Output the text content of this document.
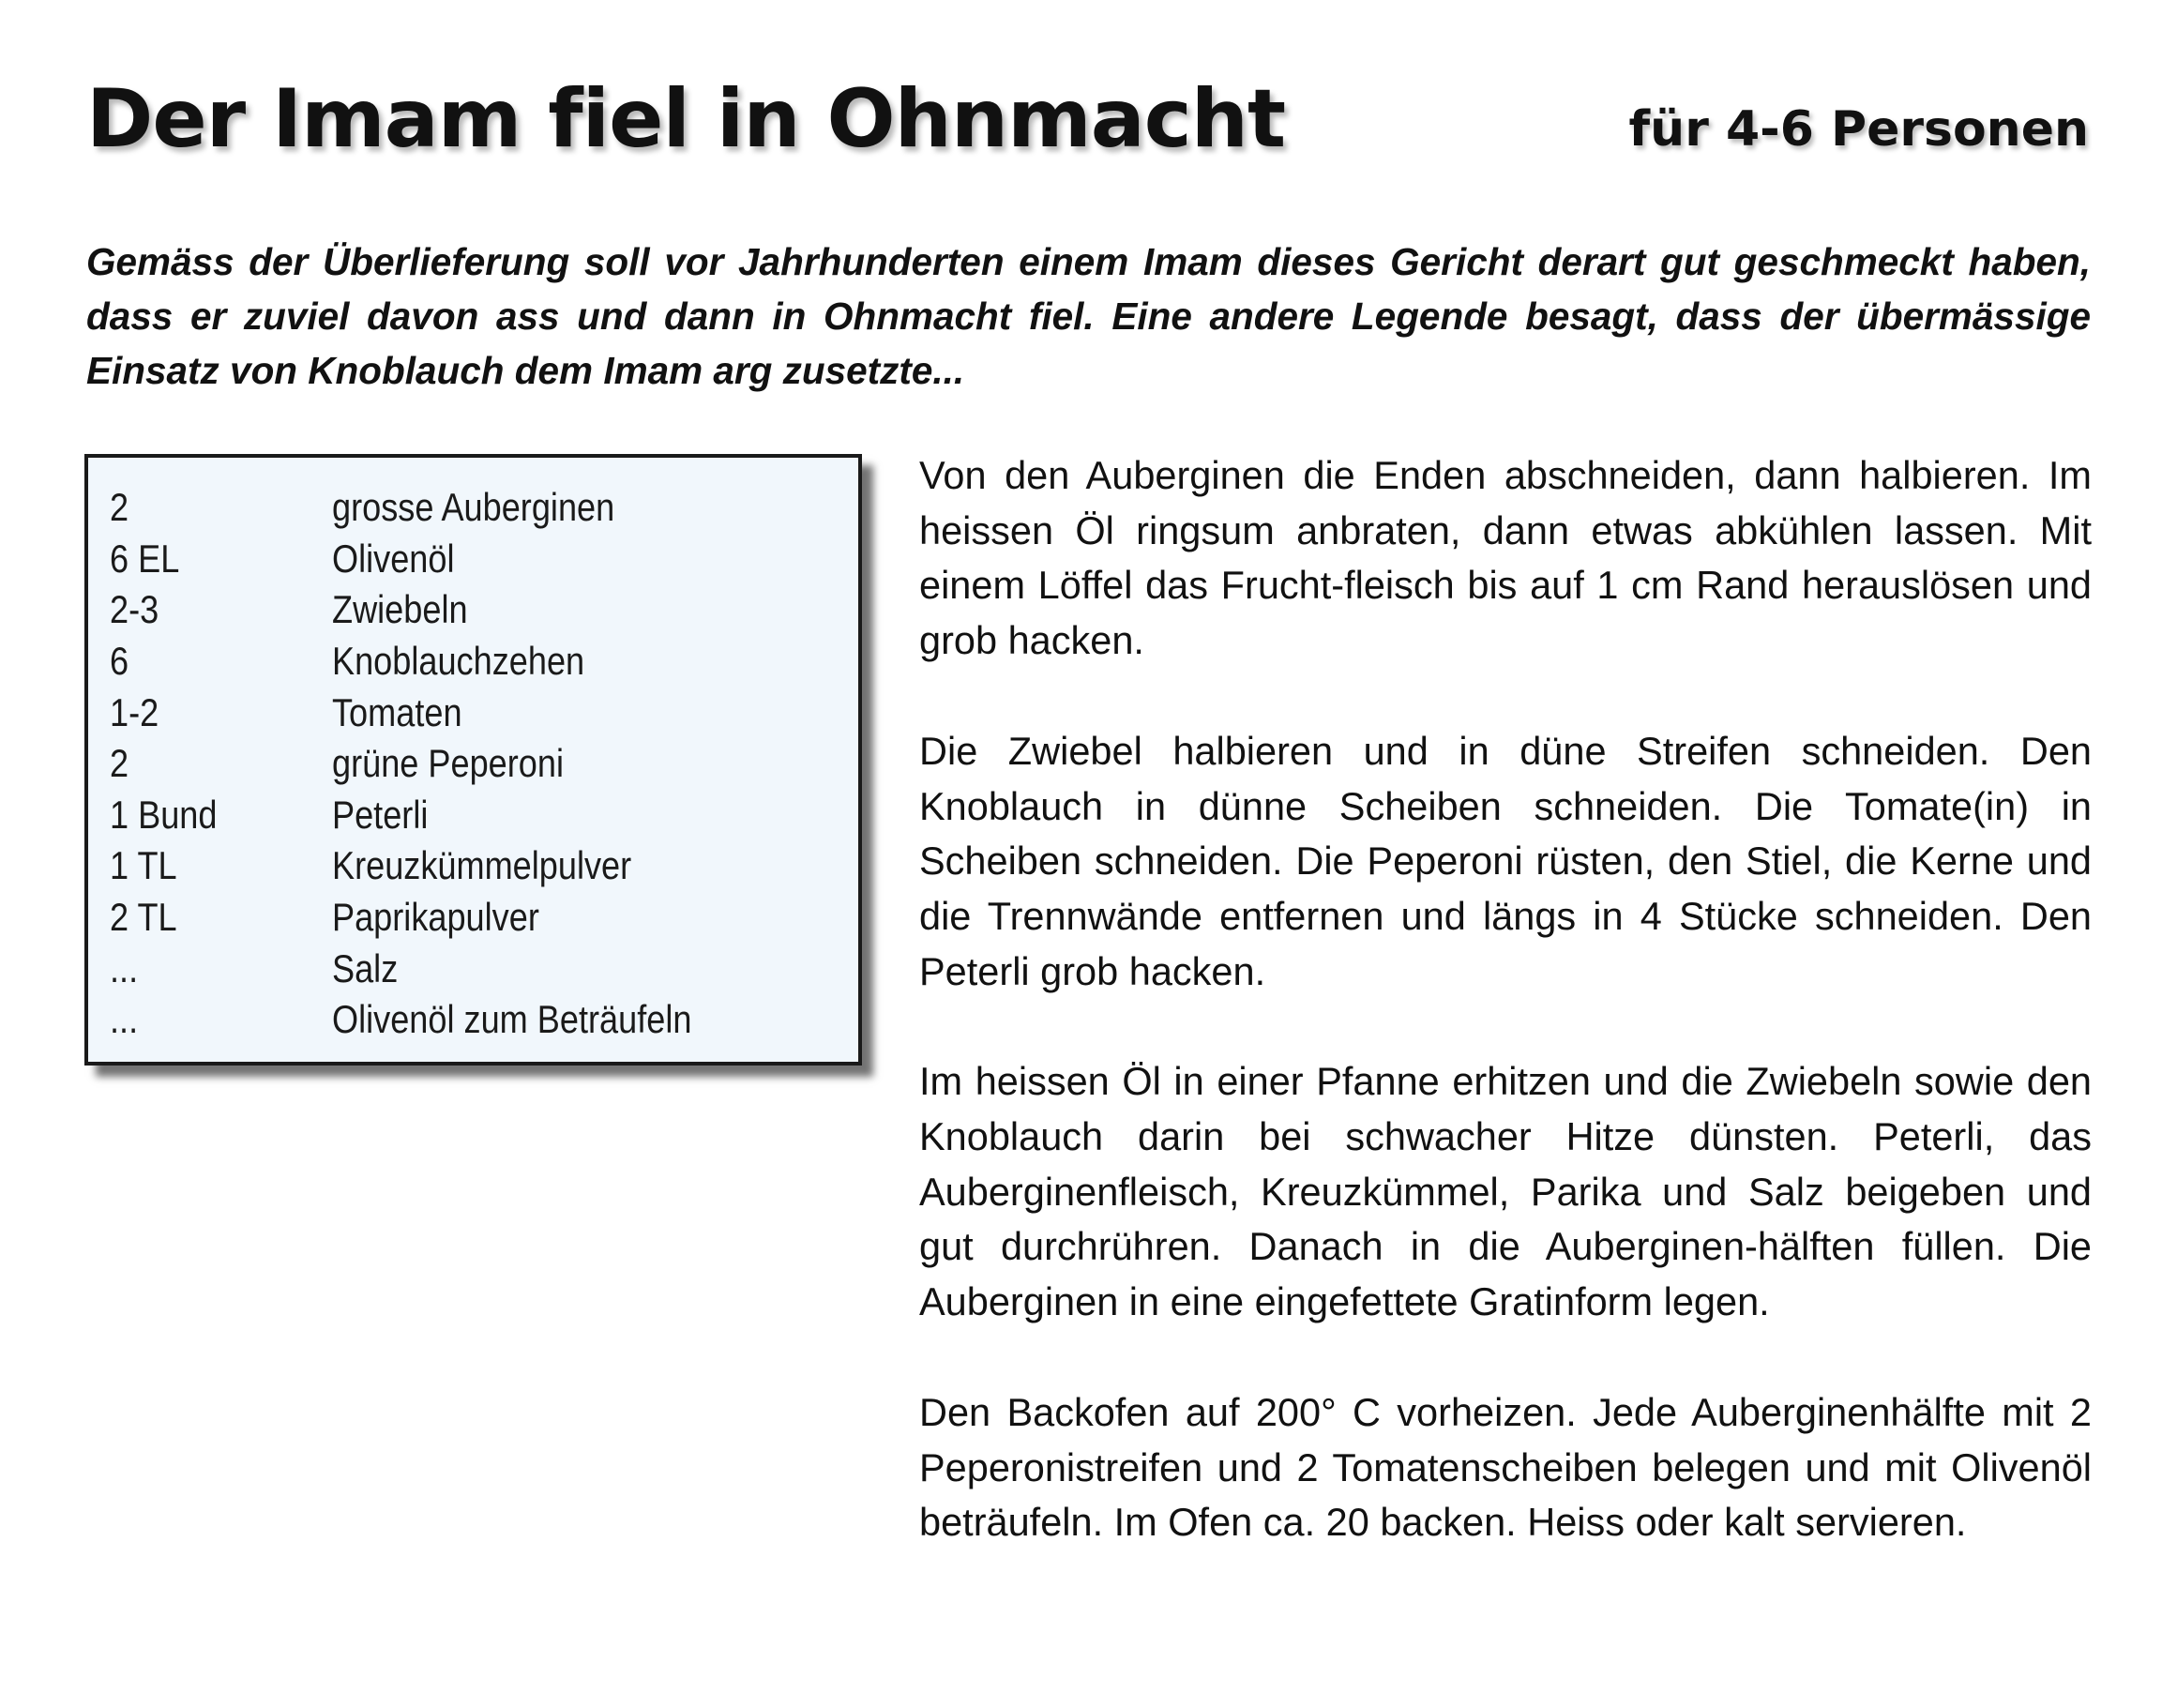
Der Imam fiel in Ohnmacht	für 4-6 Personen

Gemäss der Überlieferung soll vor Jahrhunderten einem Imam dieses Gericht derart gut geschmeckt haben, dass er zuviel davon ass und dann in Ohnmacht fiel. Eine andere Legende besagt, dass der übermässige Einsatz von Knoblauch dem Imam arg zusetzte...

2	grosse Auberginen
6 EL	Olivenöl
2-3	Zwiebeln
6	Knoblauchzehen
1-2	Tomaten
2	grüne Peperoni
1 Bund	Peterli
1 TL	Kreuzkümmelpulver
2 TL	Paprikapulver
...	Salz
...	Olivenöl zum Beträufeln

Von den Auberginen die Enden abschneiden, dann halbieren. Im heissen Öl ringsum anbraten, dann etwas abkühlen lassen. Mit einem Löffel das Frucht-fleisch bis auf 1 cm Rand herauslösen und grob hacken.

Die Zwiebel halbieren und in düne Streifen schneiden. Den Knoblauch in dünne Scheiben schneiden. Die Tomate(in) in Scheiben schneiden. Die Peperoni rüsten, den Stiel, die Kerne und die Trennwände entfernen und längs in 4 Stücke schneiden. Den Peterli grob hacken.

Im heissen Öl in einer Pfanne erhitzen und die Zwiebeln sowie den Knoblauch darin bei schwacher Hitze dünsten. Peterli, das Auberginenfleisch, Kreuzkümmel, Parika und Salz beigeben und gut durchrühren. Danach in die Auberginen-hälften füllen. Die Auberginen in eine eingefettete Gratinform legen.

Den Backofen auf 200° C vorheizen. Jede Auberginenhälfte mit 2 Peperonistreifen und 2 Tomatenscheiben belegen und mit Olivenöl beträufeln. Im Ofen ca. 20 backen. Heiss oder kalt servieren.
